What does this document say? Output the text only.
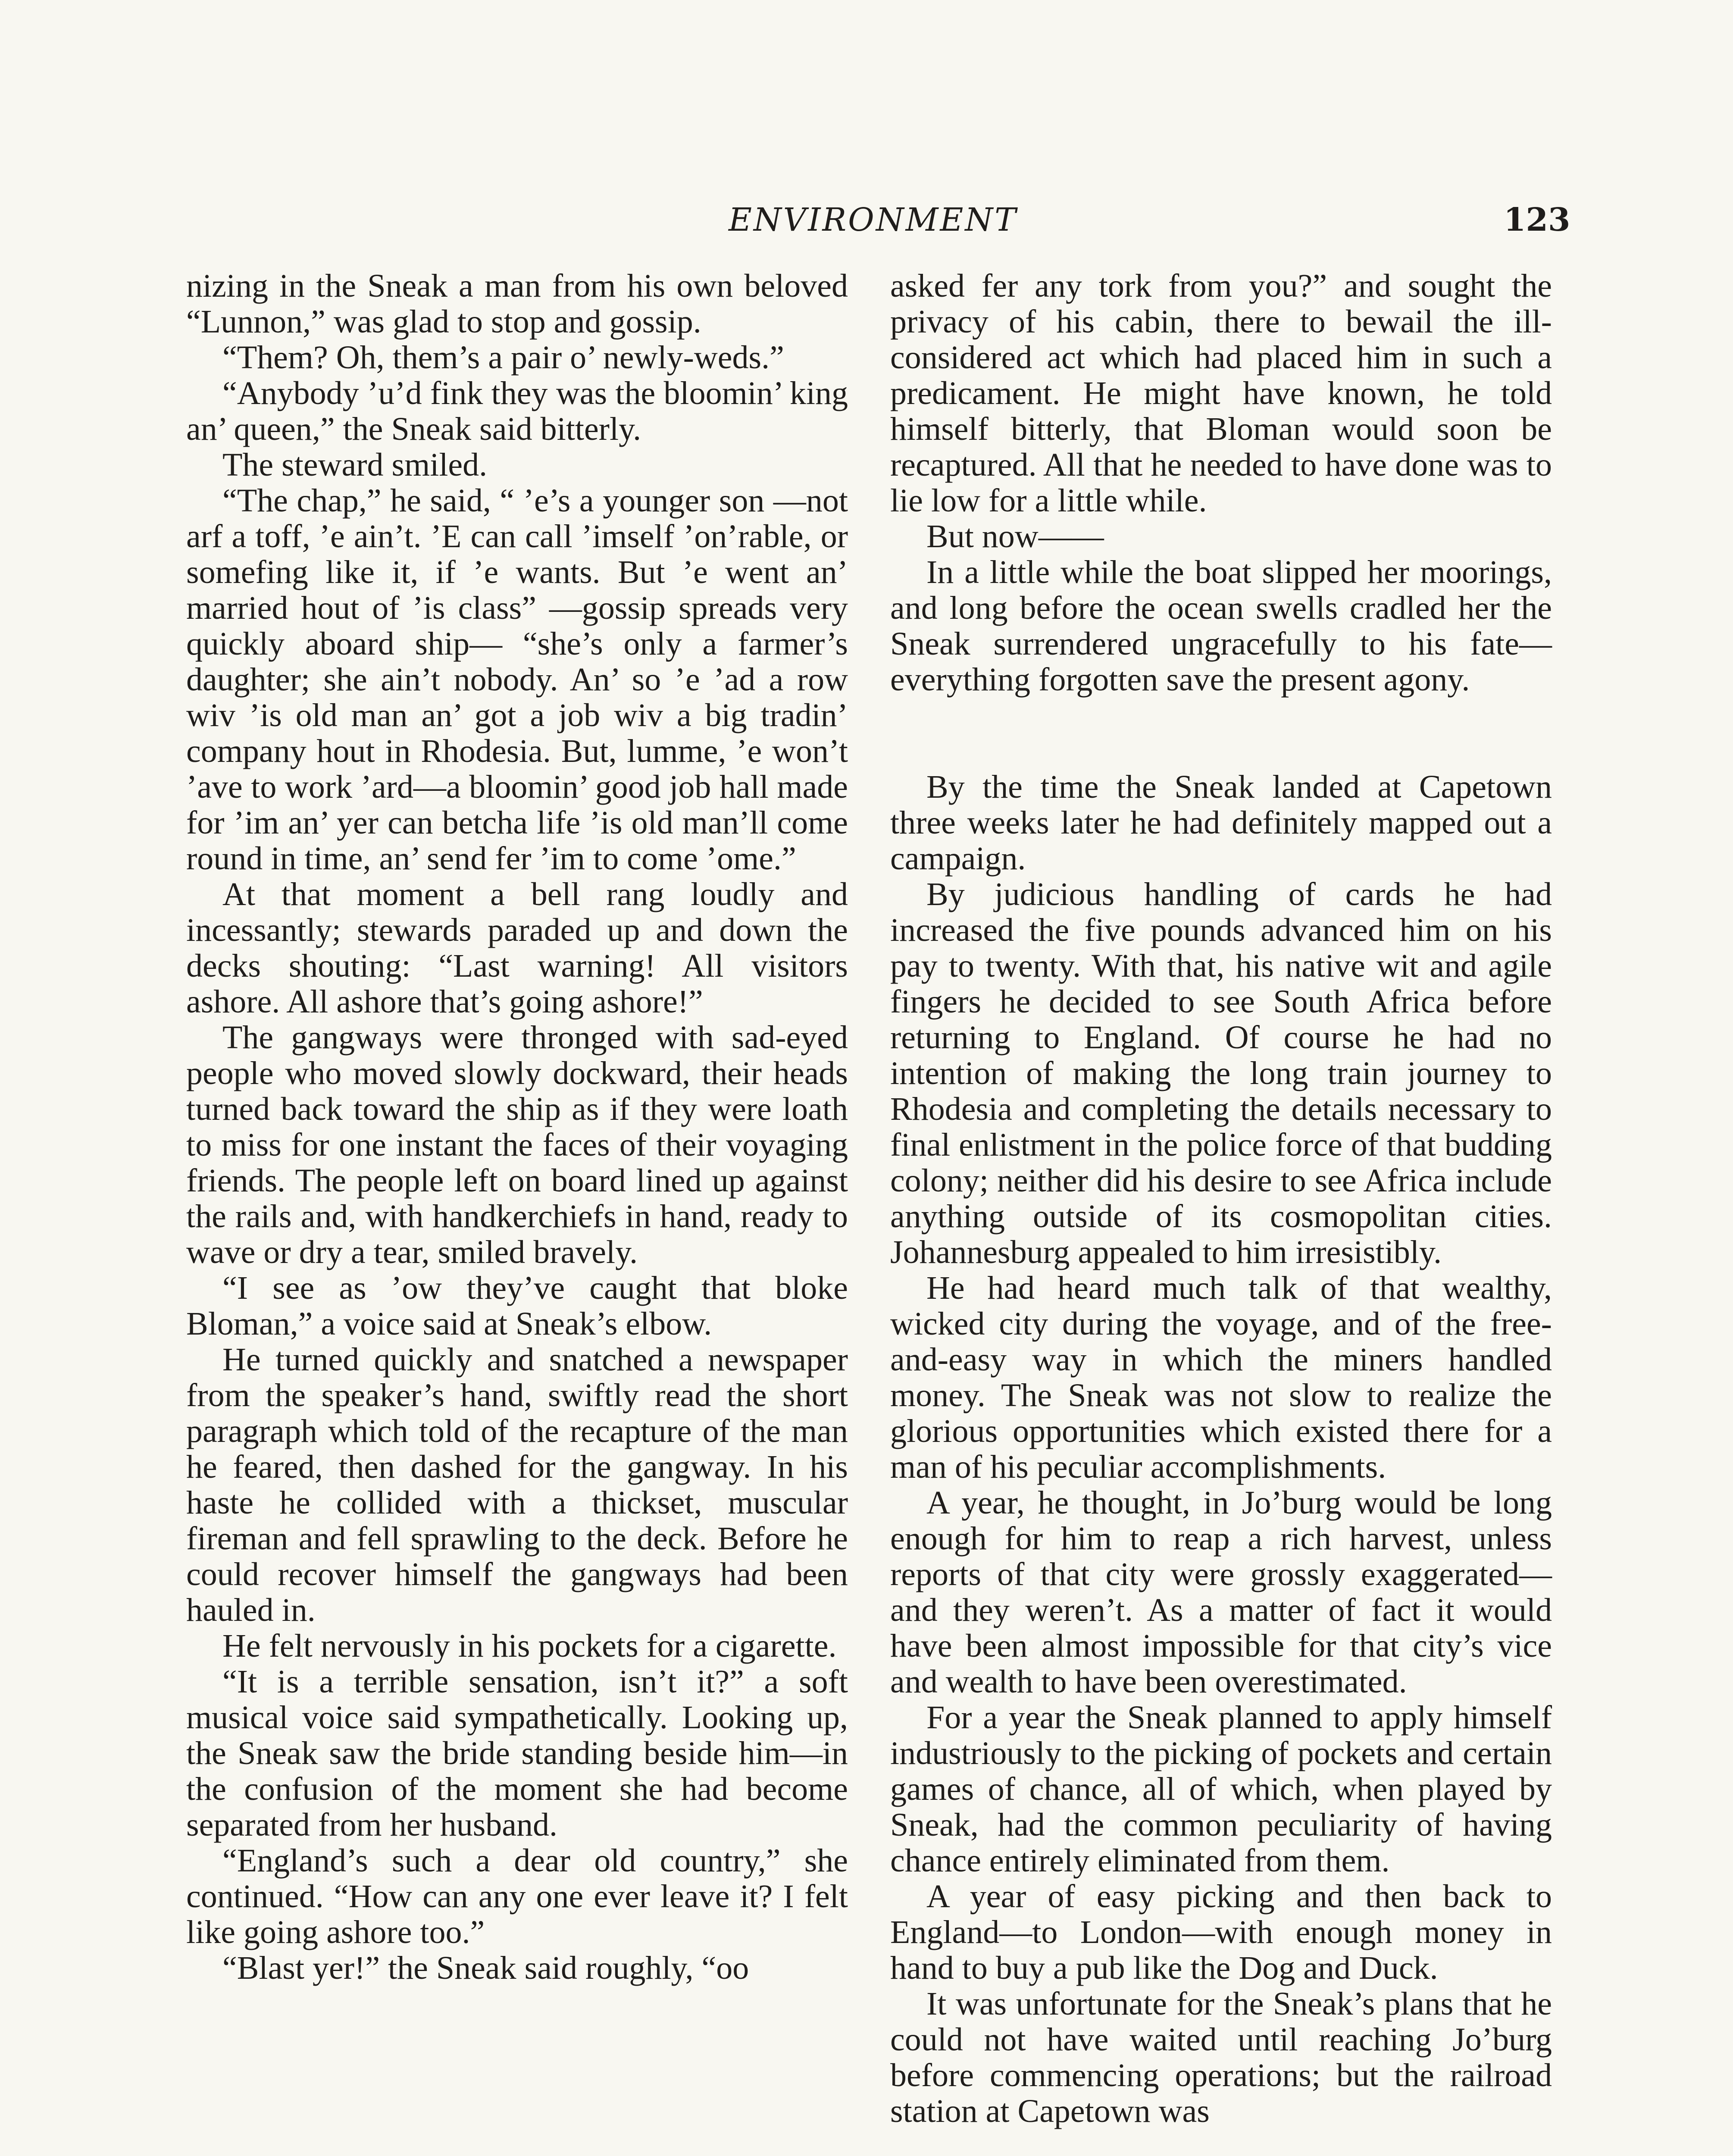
ENVIRONMENT	123

nizing in the Sneak a man from his own beloved “Lunnon,” was glad to stop and gossip.

“Them? Oh, them’s a pair o’ newly-weds.”

“Anybody ’u’d fink they was the bloomin’ king an’ queen,” the Sneak said bitterly.

The steward smiled.

“The chap,” he said, “ ’e’s a younger son —not arf a toff, ’e ain’t. ’E can call ’imself ’on’rable, or somefing like it, if ’e wants. But ’e went an’ married hout of ’is class” —gossip spreads very quickly aboard ship— “she’s only a farmer’s daughter; she ain’t nobody. An’ so ’e ’ad a row wiv ’is old man an’ got a job wiv a big tradin’ company hout in Rhodesia. But, lumme, ’e won’t ’ave to work ’ard—a bloomin’ good job hall made for ’im an’ yer can betcha life ’is old man’ll come round in time, an’ send fer ’im to come ’ome.”

At that moment a bell rang loudly and incessantly; stewards paraded up and down the decks shouting: “Last warning! All visitors ashore. All ashore that’s going ashore!”

The gangways were thronged with sad-eyed people who moved slowly dockward, their heads turned back toward the ship as if they were loath to miss for one instant the faces of their voyaging friends. The people left on board lined up against the rails and, with handkerchiefs in hand, ready to wave or dry a tear, smiled bravely.

“I see as ’ow they’ve caught that bloke Bloman,” a voice said at Sneak’s elbow.

He turned quickly and snatched a newspaper from the speaker’s hand, swiftly read the short paragraph which told of the recapture of the man he feared, then dashed for the gangway. In his haste he collided with a thickset, muscular fireman and fell sprawling to the deck. Before he could recover himself the gangways had been hauled in.

He felt nervously in his pockets for a cigarette.

“It is a terrible sensation, isn’t it?” a soft musical voice said sympathetically. Looking up, the Sneak saw the bride standing beside him—in the confusion of the moment she had become separated from her husband.

“England’s such a dear old country,” she continued. “How can any one ever leave it? I felt like going ashore too.”

“Blast yer!” the Sneak said roughly, “oo

asked fer any tork from you?” and sought the privacy of his cabin, there to bewail the ill-considered act which had placed him in such a predicament. He might have known, he told himself bitterly, that Bloman would soon be recaptured. All that he needed to have done was to lie low for a little while.

But now——

In a little while the boat slipped her moorings, and long before the ocean swells cradled her the Sneak surrendered ungracefully to his fate—everything forgotten save the present agony.

By the time the Sneak landed at Capetown three weeks later he had definitely mapped out a campaign.

By judicious handling of cards he had increased the five pounds advanced him on his pay to twenty. With that, his native wit and agile fingers he decided to see South Africa before returning to England. Of course he had no intention of making the long train journey to Rhodesia and completing the details necessary to final enlistment in the police force of that budding colony; neither did his desire to see Africa include anything outside of its cosmopolitan cities. Johannesburg appealed to him irresistibly.

He had heard much talk of that wealthy, wicked city during the voyage, and of the free-and-easy way in which the miners handled money. The Sneak was not slow to realize the glorious opportunities which existed there for a man of his peculiar accomplishments.

A year, he thought, in Jo’burg would be long enough for him to reap a rich harvest, unless reports of that city were grossly exaggerated—and they weren’t. As a matter of fact it would have been almost impossible for that city’s vice and wealth to have been overestimated.

For a year the Sneak planned to apply himself industriously to the picking of pockets and certain games of chance, all of which, when played by Sneak, had the common peculiarity of having chance entirely eliminated from them.

A year of easy picking and then back to England—to London—with enough money in hand to buy a pub like the Dog and Duck.

It was unfortunate for the Sneak’s plans that he could not have waited until reaching Jo’burg before commencing operations; but the railroad station at Capetown was
